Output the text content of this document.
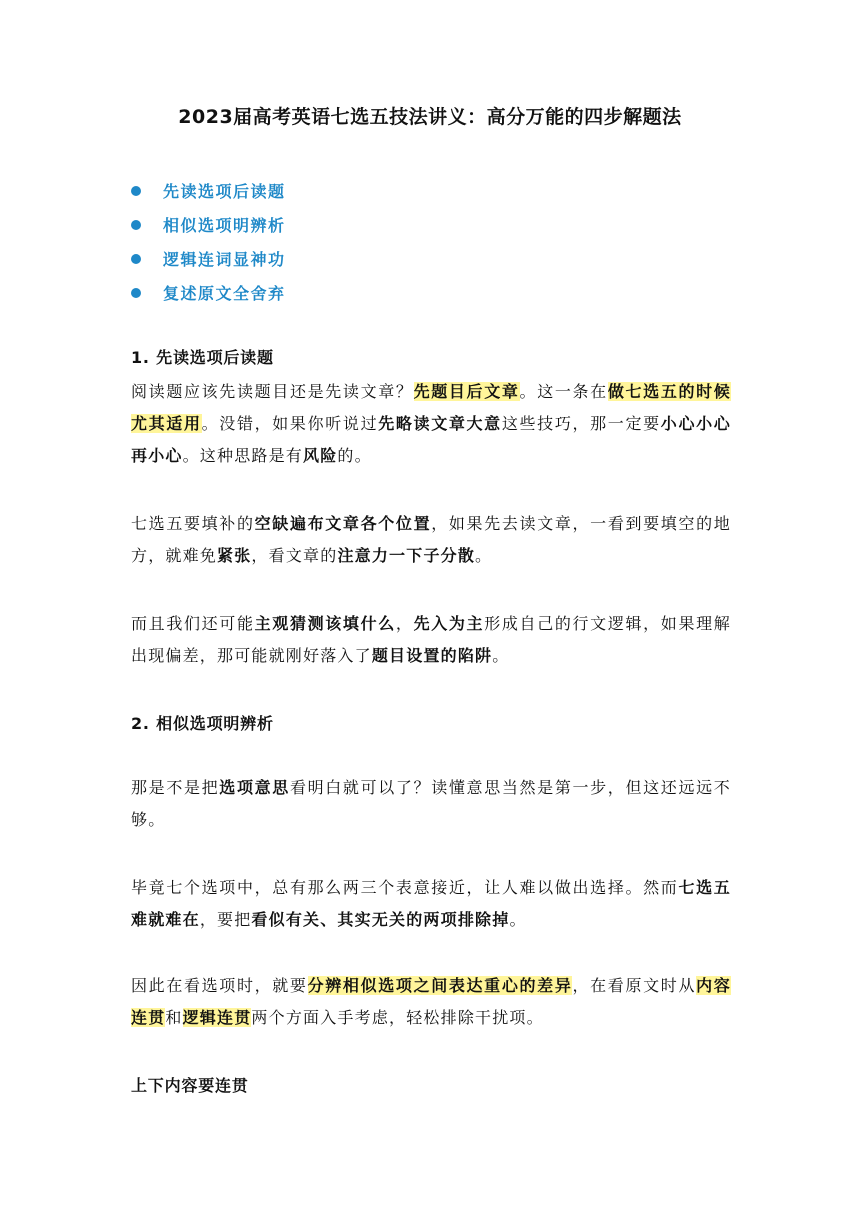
2023届高考英语七选五技法讲义：高分万能的四步解题法
先读选项后读题
相似选项明辨析
逻辑连词显神功
复述原文全舍弃
1. 先读选项后读题
阅读题应该先读题目还是先读文章？先题目后文章。这一条在做七选五的时候尤其适用。没错，如果你听说过先略读文章大意这些技巧，那一定要小心小心再小心。这种思路是有风险的。
七选五要填补的空缺遍布文章各个位置，如果先去读文章，一看到要填空的地方，就难免紧张，看文章的注意力一下子分散。
而且我们还可能主观猜测该填什么，先入为主形成自己的行文逻辑，如果理解出现偏差，那可能就刚好落入了题目设置的陷阱。
2. 相似选项明辨析
那是不是把选项意思看明白就可以了？读懂意思当然是第一步，但这还远远不够。
毕竟七个选项中，总有那么两三个表意接近，让人难以做出选择。然而七选五难就难在，要把看似有关、其实无关的两项排除掉。
因此在看选项时，就要分辨相似选项之间表达重心的差异，在看原文时从内容连贯和逻辑连贯两个方面入手考虑，轻松排除干扰项。
上下内容要连贯
